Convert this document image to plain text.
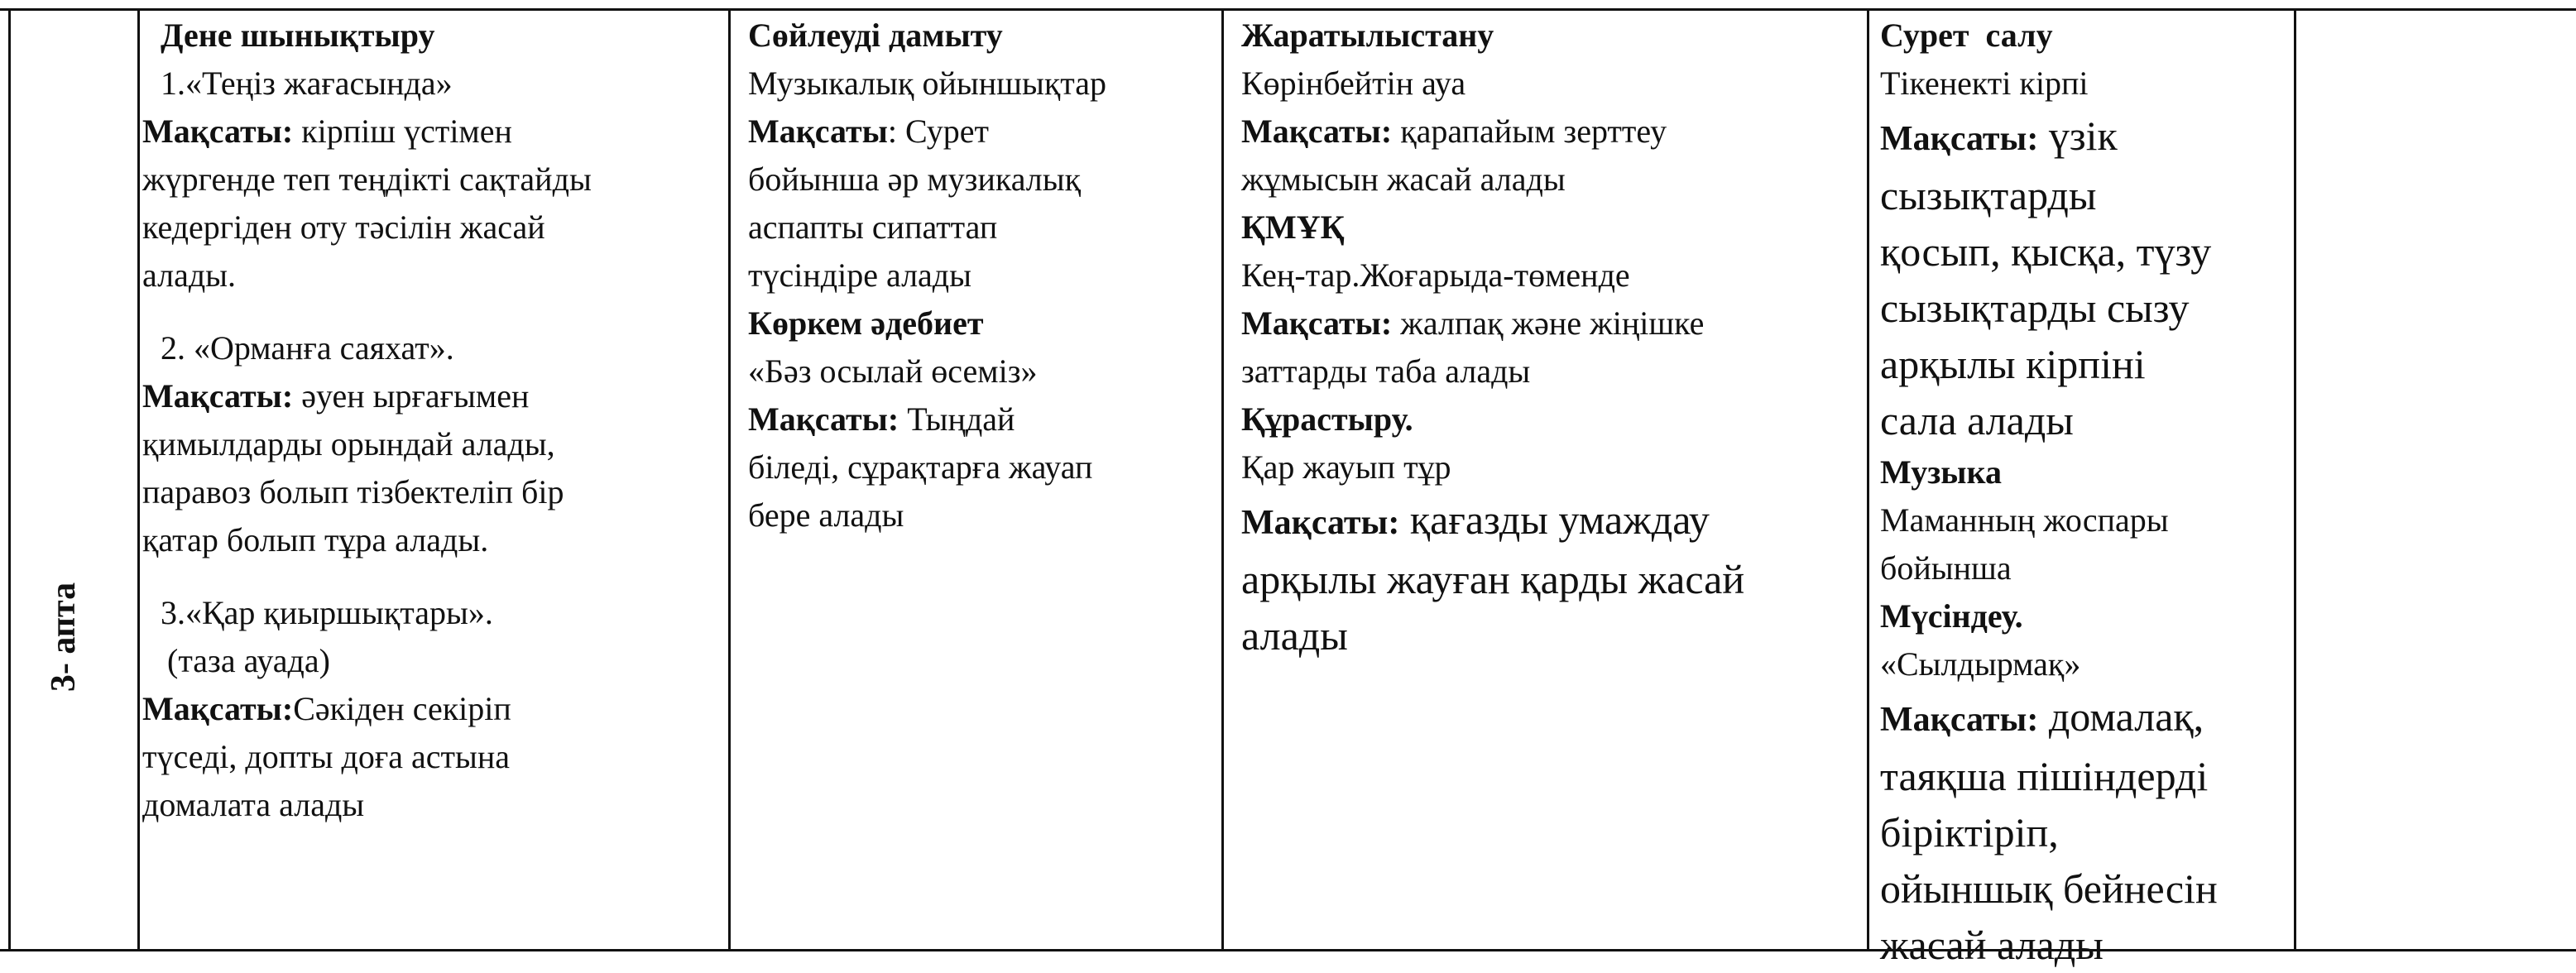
3- апта
Дене шынықтыру
1.«Теңіз жағасында»
Мақсаты: кірпіш үстімен
жүргенде теп теңдікті сақтайды
кедергіден оту тәсілін жасай
алады.
2. «Орманға саяхат».
Мақсаты: әуен ырғағымен
қимылдарды орындай алады,
паравоз болып тізбектеліп бір
қатар болып тұра алады.
3.«Қар қиыршықтары».
(таза ауада)
Мақсаты:Сәкіден секіріп
түседі, допты доға астына
домалата алады
Сөйлеуді дамыту
Музыкалық ойыншықтар
Мақсаты: Сурет
бойынша әр музикалық
аспапты сипаттап
түсіндіре алады
Көркем әдебиет
«Бәз осылай өсеміз»
Мақсаты: Тыңдай
біледі, сұрақтарға жауап
бере алады
Жаратылыстану
Көрінбейтін ауа
Мақсаты: қарапайым зерттеу
жұмысын жасай алады
ҚМҰҚ
Кең-тар.Жоғарыда-төменде
Мақсаты: жалпақ және жіңішке
заттарды таба алады
Құрастыру.
Қар жауып тұр
Мақсаты: қағазды умаждау
арқылы жауған қарды жасай
алады
Сурет  салу
Тікенекті кірпі
Мақсаты: үзік
сызықтарды
қосып, қысқа, түзу
сызықтарды сызу
арқылы кірпіні
сала алады
Музыка
Маманның жоспары
бойынша
Мүсіндеу.
«Сылдырмақ»
Мақсаты: домалақ,
таяқша пішіндерді
біріктіріп,
ойыншық бейнесін
жасай алады
